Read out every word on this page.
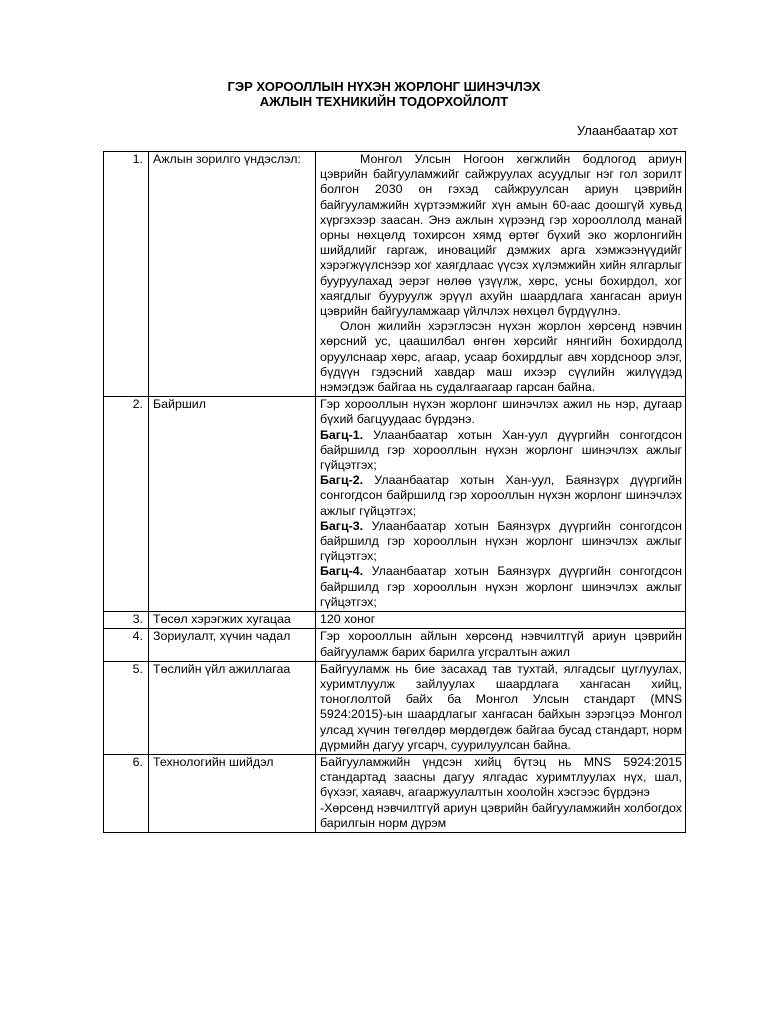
ГЭР ХОРООЛЛЫН НҮХЭН ЖОРЛОНГ ШИНЭЧЛЭХ
АЖЛЫН ТЕХНИКИЙН ТОДОРХОЙЛОЛТ
Улаанбаатар хот
1.	Ажлын зорилго үндэслэл:	Монгол Улсын Ногоон хөгжлийн бодлогод ариун цэврийн байгууламжийг сайжруулах асуудлыг нэг гол зорилт болгон 2030 он гэхэд сайжруулсан ариун цэврийн байгууламжийн хүртээмжийг хүн амын 60-аас доошгүй хувьд хүргэхээр заасан. Энэ ажлын хүрээнд гэр хорооллолд манай орны нөхцөлд тохирсон хямд өртөг бүхий эко жорлонгийн шийдлийг гаргаж, иновацийг дэмжих арга хэмжээнүүдийг хэрэгжүүлснээр хог хаягдлаас үүсэх хүлэмжийн хийн ялгарлыг бууруулахад эерэг нөлөө үзүүлж, хөрс, усны бохирдол, хог хаягдлыг бууруулж эрүүл ахуйн шаардлага хангасан ариун цэврийн байгууламжаар үйлчлэх нөхцөл бүрдүүлнэ.

Олон жилийн хэрэглэсэн нүхэн жорлон хөрсөнд нэвчин хөрсний ус, цаашилбал өнгөн хөрсийг нянгийн бохирдолд оруулснаар хөрс, агаар, усаар бохирдлыг авч хордсноор элэг, бүдүүн гэдэсний хавдар маш ихээр сүүлийн жилүүдэд нэмэгдэж байгаа нь судалгаагаар гарсан байна.

2.	Байршил	Гэр хорооллын нүхэн жорлонг шинэчлэх ажил нь нэр, дугаар бүхий багцуудаас бүрдэнэ.

Багц-1. Улаанбаатар хотын Хан-уул дүүргийн сонгогдсон байршилд гэр хорооллын нүхэн жорлонг шинэчлэх ажлыг гүйцэтгэх;

Багц-2. Улаанбаатар хотын Хан-уул, Баянзүрх дүүргийн сонгогдсон байршилд гэр хорооллын нүхэн жорлонг шинэчлэх ажлыг гүйцэтгэх;

Багц-3. Улаанбаатар хотын Баянзүрх дүүргийн сонгогдсон байршилд гэр хорооллын нүхэн жорлонг шинэчлэх ажлыг гүйцэтгэх;

Багц-4. Улаанбаатар хотын Баянзүрх дүүргийн сонгогдсон байршилд гэр хорооллын нүхэн жорлонг шинэчлэх ажлыг гүйцэтгэх;

3.	Төсөл хэрэгжих хугацаа	120 хоног
4.	Зориулалт, хүчин чадал	Гэр хорооллын айлын хөрсөнд нэвчилтгүй ариун цэврийн байгууламж барих барилга угсралтын ажил
5.	Төслийн үйл ажиллагаа	Байгууламж нь бие засахад тав тухтай, ялгадсыг цуглуулах, хуримтлуулж зайлуулах шаардлага хангасан хийц, тоноглолтой байх ба Монгол Улсын стандарт (MNS 5924:2015)-ын шаардлагыг хангасан байхын зэрэгцээ Монгол улсад хүчин төгөлдөр мөрдөгдөж байгаа бусад стандарт, норм дүрмийн дагуу угсарч, суурилуулсан байна.
6.	Технологийн шийдэл	Байгууламжийн үндсэн хийц бүтэц нь MNS 5924:2015 стандартад заасны дагуу ялгадас хуримтлуулах нүх, шал, бүхээг, хаяавч, агааржуулалтын хоолойн хэсгээс бүрдэнэ

-Хөрсөнд нэвчилтгүй ариун цэврийн байгууламжийн холбогдох барилгын норм дүрэм
